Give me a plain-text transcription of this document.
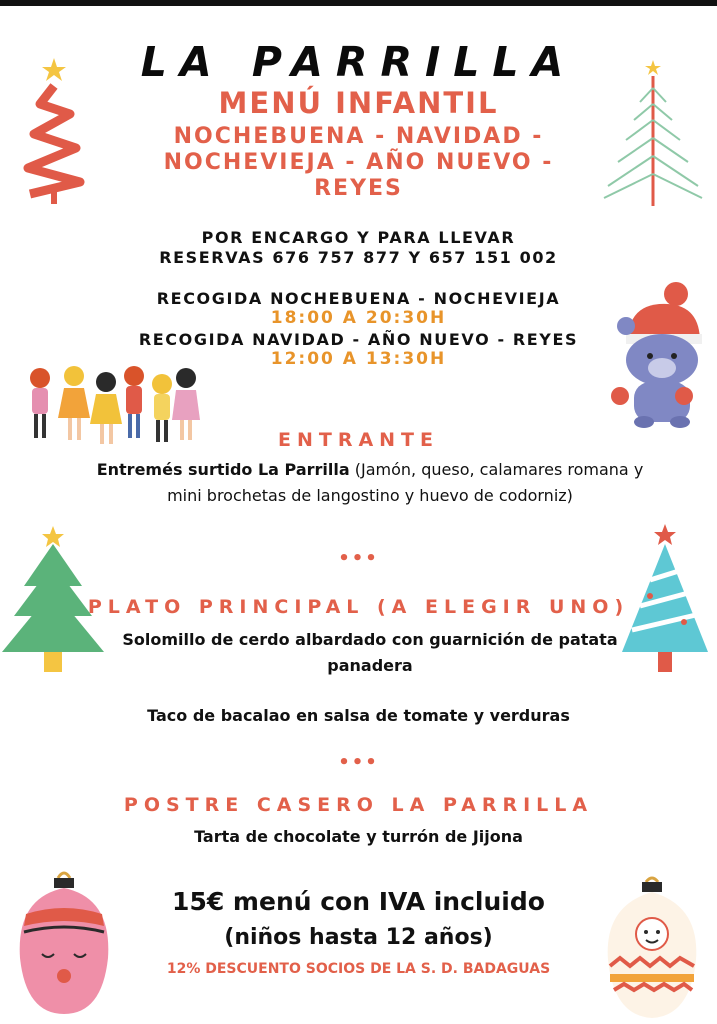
LA PARRILLA
MENÚ INFANTIL
NOCHEBUENA - NAVIDAD -
NOCHEVIEJA - AÑO NUEVO -
REYES
POR ENCARGO Y PARA LLEVAR
RESERVAS 676 757 877 Y 657 151 002
RECOGIDA NOCHEBUENA - NOCHEVIEJA
18:00 A 20:30H
RECOGIDA NAVIDAD - AÑO NUEVO - REYES
12:00 A 13:30H
ENTRANTE
Entremés surtido La Parrilla (Jamón, queso, calamares romana y mini brochetas de langostino y huevo de codorniz)
•••
PLATO PRINCIPAL (A ELEGIR UNO)
Solomillo de cerdo albardado con guarnición de patata panadera
Taco de bacalao en salsa de tomate y verduras
•••
POSTRE CASERO LA PARRILLA
Tarta de chocolate y turrón de Jijona
15€ menú con IVA incluido
(niños hasta 12 años)
12% DESCUENTO SOCIOS DE LA S. D. BADAGUAS
